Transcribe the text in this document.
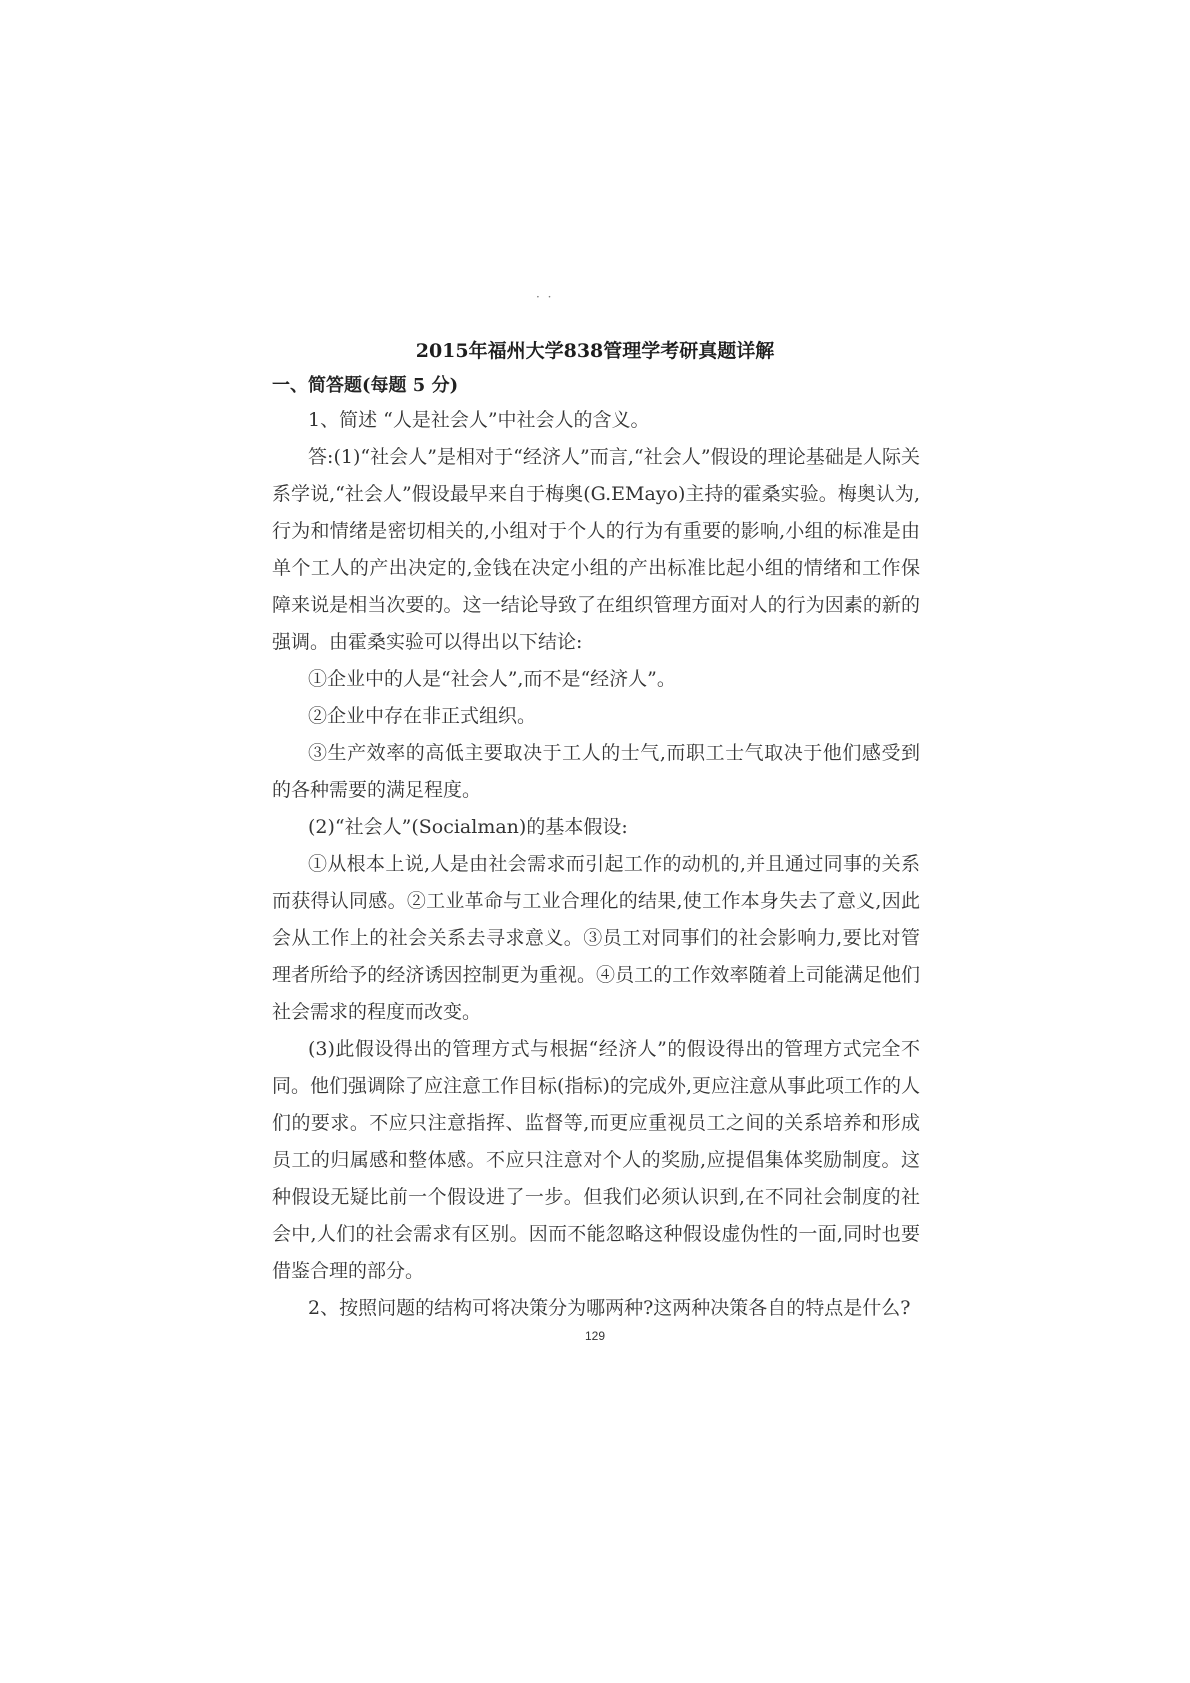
· ·
2015年福州大学838管理学考研真题详解
一、简答题(每题 5 分)

1、简述 “人是社会人”中社会人的含义。

答:(1)“社会人”是相对于“经济人”而言,“社会人”假设的理论基础是人际关系学说,“社会人”假设最早来自于梅奥(G.EMayo)主持的霍桑实验。梅奥认为,行为和情绪是密切相关的,小组对于个人的行为有重要的影响,小组的标准是由单个工人的产出决定的,金钱在决定小组的产出标准比起小组的情绪和工作保障来说是相当次要的。这一结论导致了在组织管理方面对人的行为因素的新的强调。由霍桑实验可以得出以下结论:

①企业中的人是“社会人”,而不是“经济人”。

②企业中存在非正式组织。

③生产效率的高低主要取决于工人的士气,而职工士气取决于他们感受到的各种需要的满足程度。

(2)“社会人”(Socialman)的基本假设:

①从根本上说,人是由社会需求而引起工作的动机的,并且通过同事的关系而获得认同感。②工业革命与工业合理化的结果,使工作本身失去了意义,因此会从工作上的社会关系去寻求意义。③员工对同事们的社会影响力,要比对管理者所给予的经济诱因控制更为重视。④员工的工作效率随着上司能满足他们社会需求的程度而改变。

(3)此假设得出的管理方式与根据“经济人”的假设得出的管理方式完全不同。他们强调除了应注意工作目标(指标)的完成外,更应注意从事此项工作的人们的要求。不应只注意指挥、监督等,而更应重视员工之间的关系培养和形成员工的归属感和整体感。不应只注意对个人的奖励,应提倡集体奖励制度。这种假设无疑比前一个假设进了一步。但我们必须认识到,在不同社会制度的社会中,人们的社会需求有区别。因而不能忽略这种假设虚伪性的一面,同时也要借鉴合理的部分。

2、按照问题的结构可将决策分为哪两种?这两种决策各自的特点是什么?

129
